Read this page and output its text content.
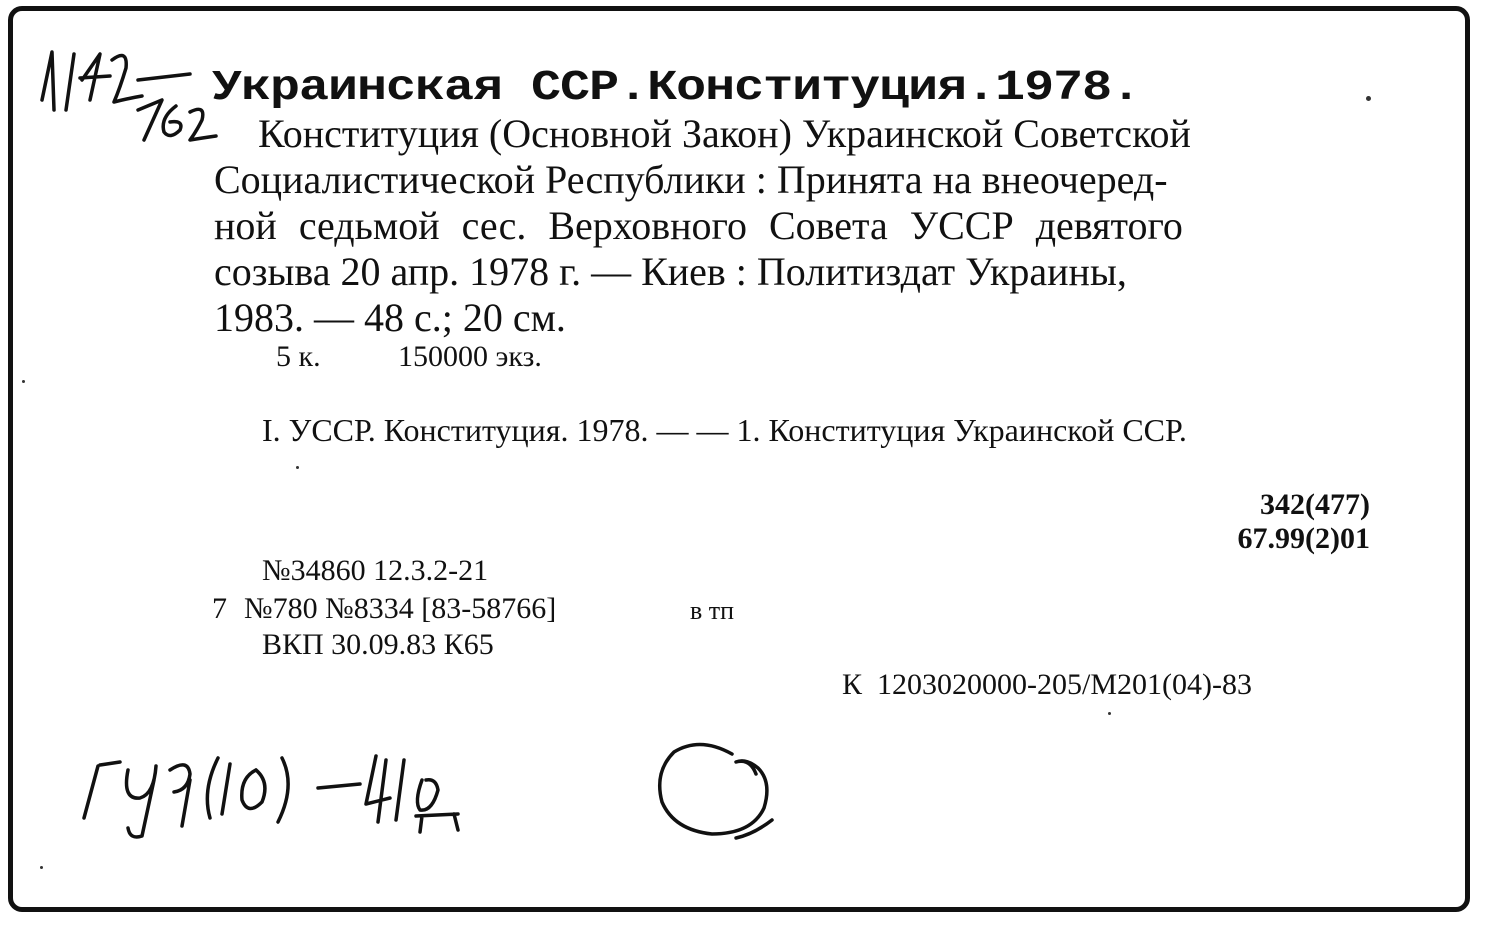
Украинская ССР.Конституция.1978.
Конституция (Основной Закон) Украинской Советской
Социалистической Республики : Принята на внеочеред-
ной седьмой сес. Верховного Совета УССР девятого
созыва 20 апр. 1978 г. — Киев : Политиздат Украины,
1983. — 48 с.; 20 см.
5 к.	150000 экз.
I. УССР. Конституция. 1978. — — 1. Конституция Украинской ССР.
342(477)
67.99(2)01
№34860 12.3.2-21
7 №780 №8334 [83-58766]	в тп
ВКП 30.09.83 К65
К  1203020000-205/М201(04)-83
